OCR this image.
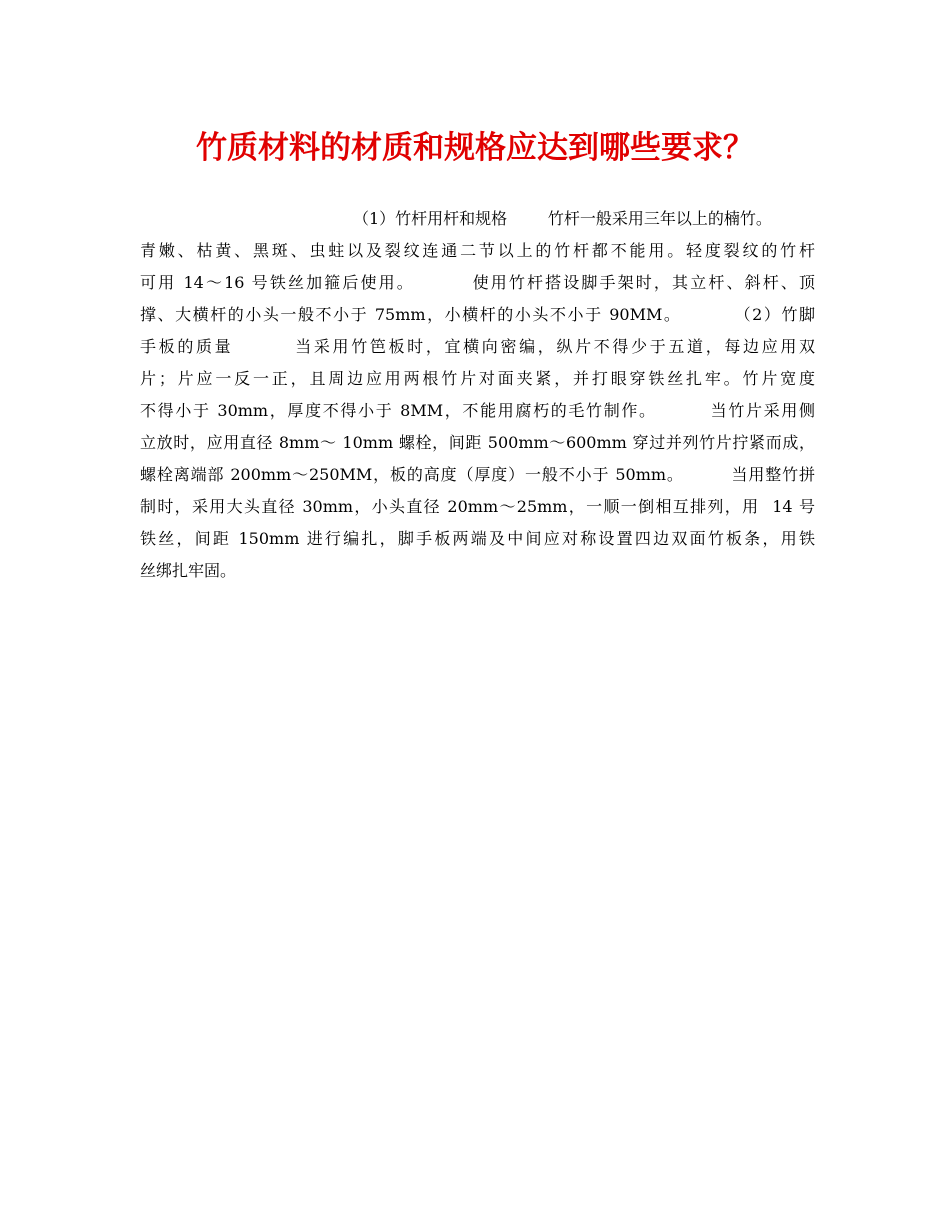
竹质材料的材质和规格应达到哪些要求？
（1）竹杆用杆和规格        竹杆一般采用三年以上的楠竹。
青嫩、枯黄、黑斑、虫蛀以及裂纹连通二节以上的竹杆都不能用。轻度裂纹的竹杆
可用 14～16 号铁丝加箍后使用。        使用竹杆搭设脚手架时，其立杆、斜杆、顶
撑、大横杆的小头一般不小于 75mm，小横杆的小头不小于 90MM。        （2）竹脚
手板的质量        当采用竹笆板时，宜横向密编，纵片不得少于五道，每边应用双
片；片应一反一正，且周边应用两根竹片对面夹紧，并打眼穿铁丝扎牢。竹片宽度
不得小于 30mm，厚度不得小于 8MM，不能用腐朽的毛竹制作。        当竹片采用侧
立放时，应用直径 8mm～ 10mm 螺栓，间距 500mm～600mm 穿过并列竹片拧紧而成，
螺栓离端部 200mm～250MM，板的高度（厚度）一般不小于 50mm。        当用整竹拼
制时，采用大头直径 30mm，小头直径 20mm～25mm，一顺一倒相互排列，用  14 号
铁丝，间距 150mm 进行编扎，脚手板两端及中间应对称设置四边双面竹板条，用铁
丝绑扎牢固。
